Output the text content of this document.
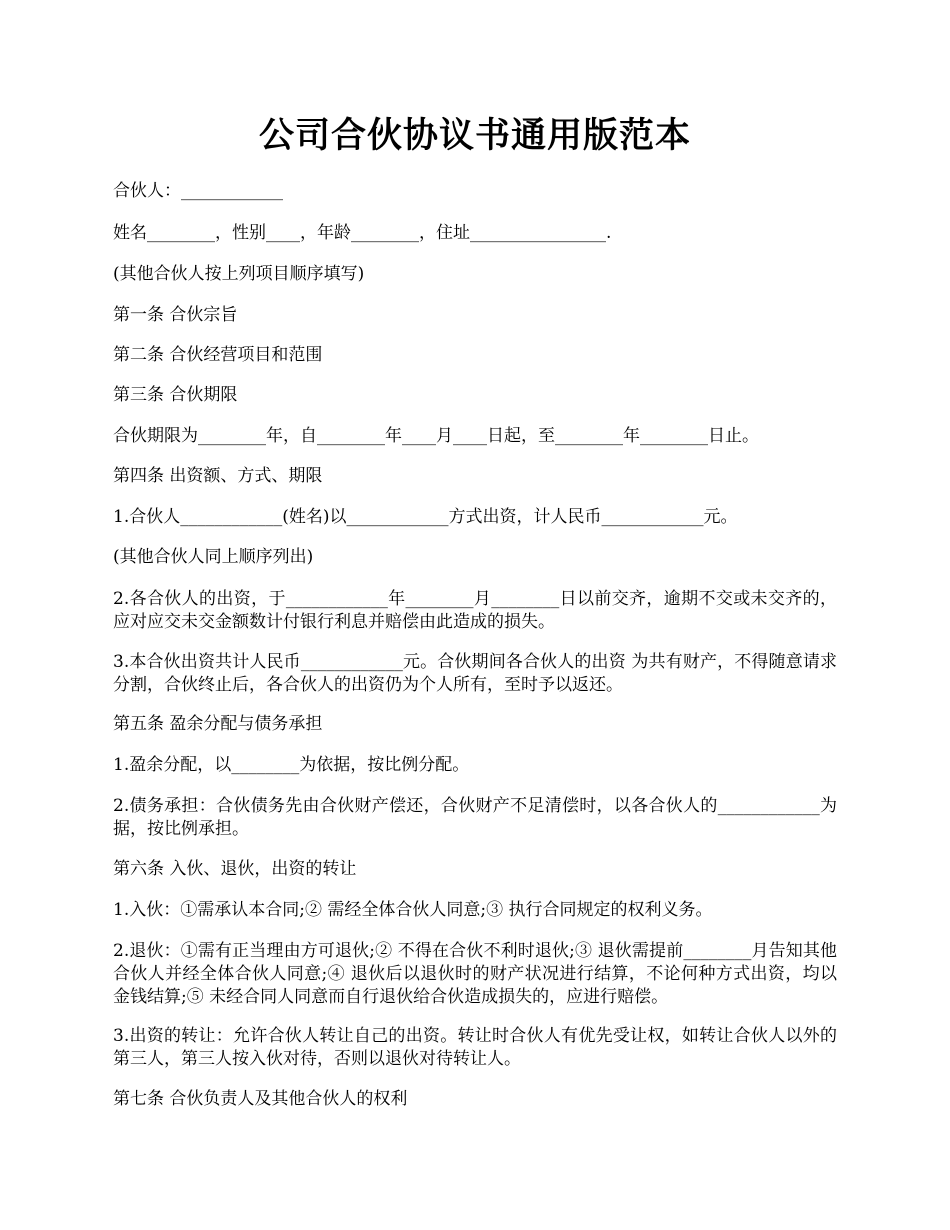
公司合伙协议书通用版范本
合伙人：____________
姓名________，性别____，年龄________，住址________________.
(其他合伙人按上列项目顺序填写)
第一条 合伙宗旨
第二条 合伙经营项目和范围
第三条 合伙期限
合伙期限为________年，自________年____月____日起，至________年________日止。
第四条 出资额、方式、期限
1.合伙人____________(姓名)以____________方式出资，计人民币____________元。
(其他合伙人同上顺序列出)
2.各合伙人的出资，于____________年________月________日以前交齐，逾期不交或未交齐的，应对应交未交金额数计付银行利息并赔偿由此造成的损失。
3.本合伙出资共计人民币____________元。合伙期间各合伙人的出资 为共有财产，不得随意请求分割，合伙终止后，各合伙人的出资仍为个人所有，至时予以返还。
第五条 盈余分配与债务承担
1.盈余分配，以________为依据，按比例分配。
2.债务承担：合伙债务先由合伙财产偿还，合伙财产不足清偿时，以各合伙人的____________为据，按比例承担。
第六条 入伙、退伙，出资的转让
1.入伙：①需承认本合同;② 需经全体合伙人同意;③ 执行合同规定的权利义务。
2.退伙：①需有正当理由方可退伙;② 不得在合伙不利时退伙;③ 退伙需提前________月告知其他合伙人并经全体合伙人同意;④ 退伙后以退伙时的财产状况进行结算，不论何种方式出资，均以金钱结算;⑤ 未经合同人同意而自行退伙给合伙造成损失的，应进行赔偿。
3.出资的转让：允许合伙人转让自己的出资。转让时合伙人有优先受让权，如转让合伙人以外的第三人，第三人按入伙对待，否则以退伙对待转让人。
第七条 合伙负责人及其他合伙人的权利
